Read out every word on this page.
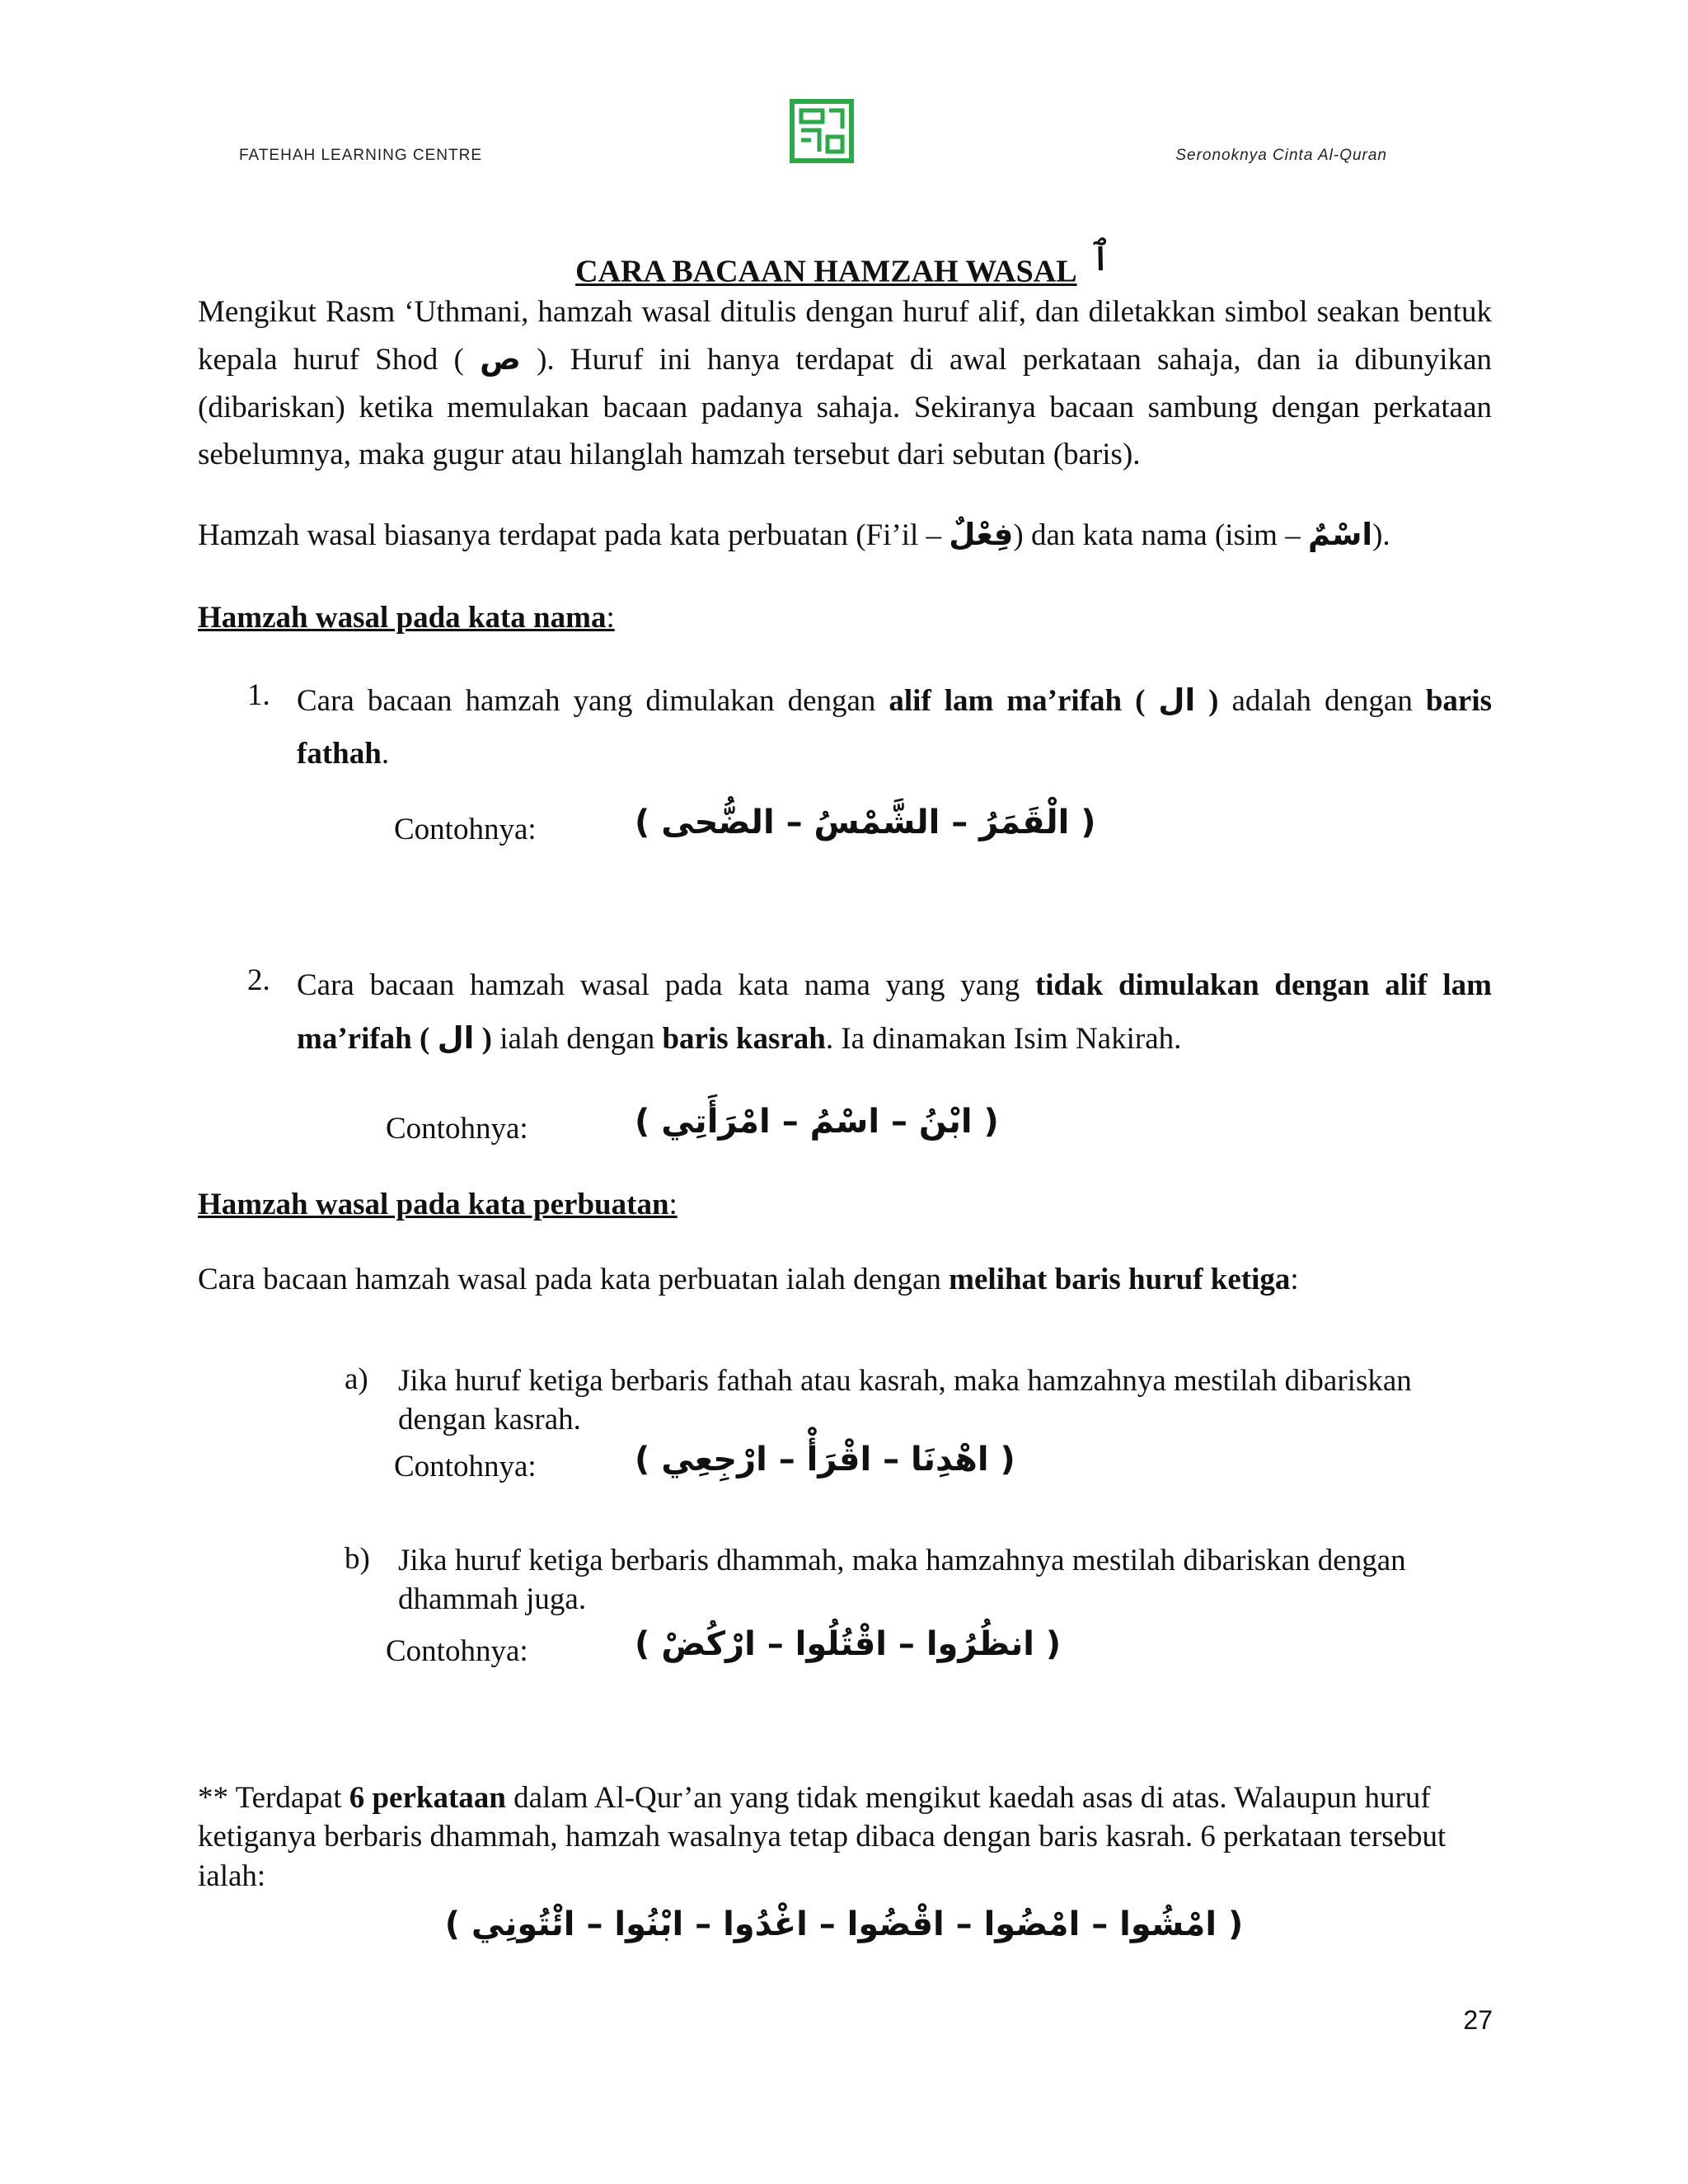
FATEHAH LEARNING CENTRE	Seronoknya Cinta Al-Quran
CARA BACAAN HAMZAH WASAL ٱ
Mengikut Rasm ‘Uthmani, hamzah wasal ditulis dengan huruf alif, dan diletakkan simbol seakan bentuk kepala huruf Shod ( ص ). Huruf ini hanya terdapat di awal perkataan sahaja, dan ia dibunyikan (dibariskan) ketika memulakan bacaan padanya sahaja. Sekiranya bacaan sambung dengan perkataan sebelumnya, maka gugur atau hilanglah hamzah tersebut dari sebutan (baris).
Hamzah wasal biasanya terdapat pada kata perbuatan (Fi’il – فِعْلٌ) dan kata nama (isim – اسْمٌ).
Hamzah wasal pada kata nama:
1. Cara bacaan hamzah yang dimulakan dengan alif lam ma’rifah ( ال ) adalah dengan baris fathah.
Contohnya:	( الْقَمَرُ – الشَّمْسُ – الضُّحى )
2. Cara bacaan hamzah wasal pada kata nama yang yang tidak dimulakan dengan alif lam ma’rifah ( ال ) ialah dengan baris kasrah. Ia dinamakan Isim Nakirah.
Contohnya:	( ابْنُ – اسْمُ – امْرَأَتِي )
Hamzah wasal pada kata perbuatan:
Cara bacaan hamzah wasal pada kata perbuatan ialah dengan melihat baris huruf ketiga:
a) Jika huruf ketiga berbaris fathah atau kasrah, maka hamzahnya mestilah dibariskan dengan kasrah.
Contohnya:	( اهْدِنَا – اقْرَأْ – ارْجِعِي )
b) Jika huruf ketiga berbaris dhammah, maka hamzahnya mestilah dibariskan dengan dhammah juga.
Contohnya:	( انظُرُوا – اقْتُلُوا – ارْكُضْ )
** Terdapat 6 perkataan dalam Al-Qur’an yang tidak mengikut kaedah asas di atas. Walaupun huruf ketiganya berbaris dhammah, hamzah wasalnya tetap dibaca dengan baris kasrah. 6 perkataan tersebut ialah:
( امْشُوا – امْضُوا – اقْضُوا – اغْدُوا – ابْنُوا – ائْتُونِي )
27
